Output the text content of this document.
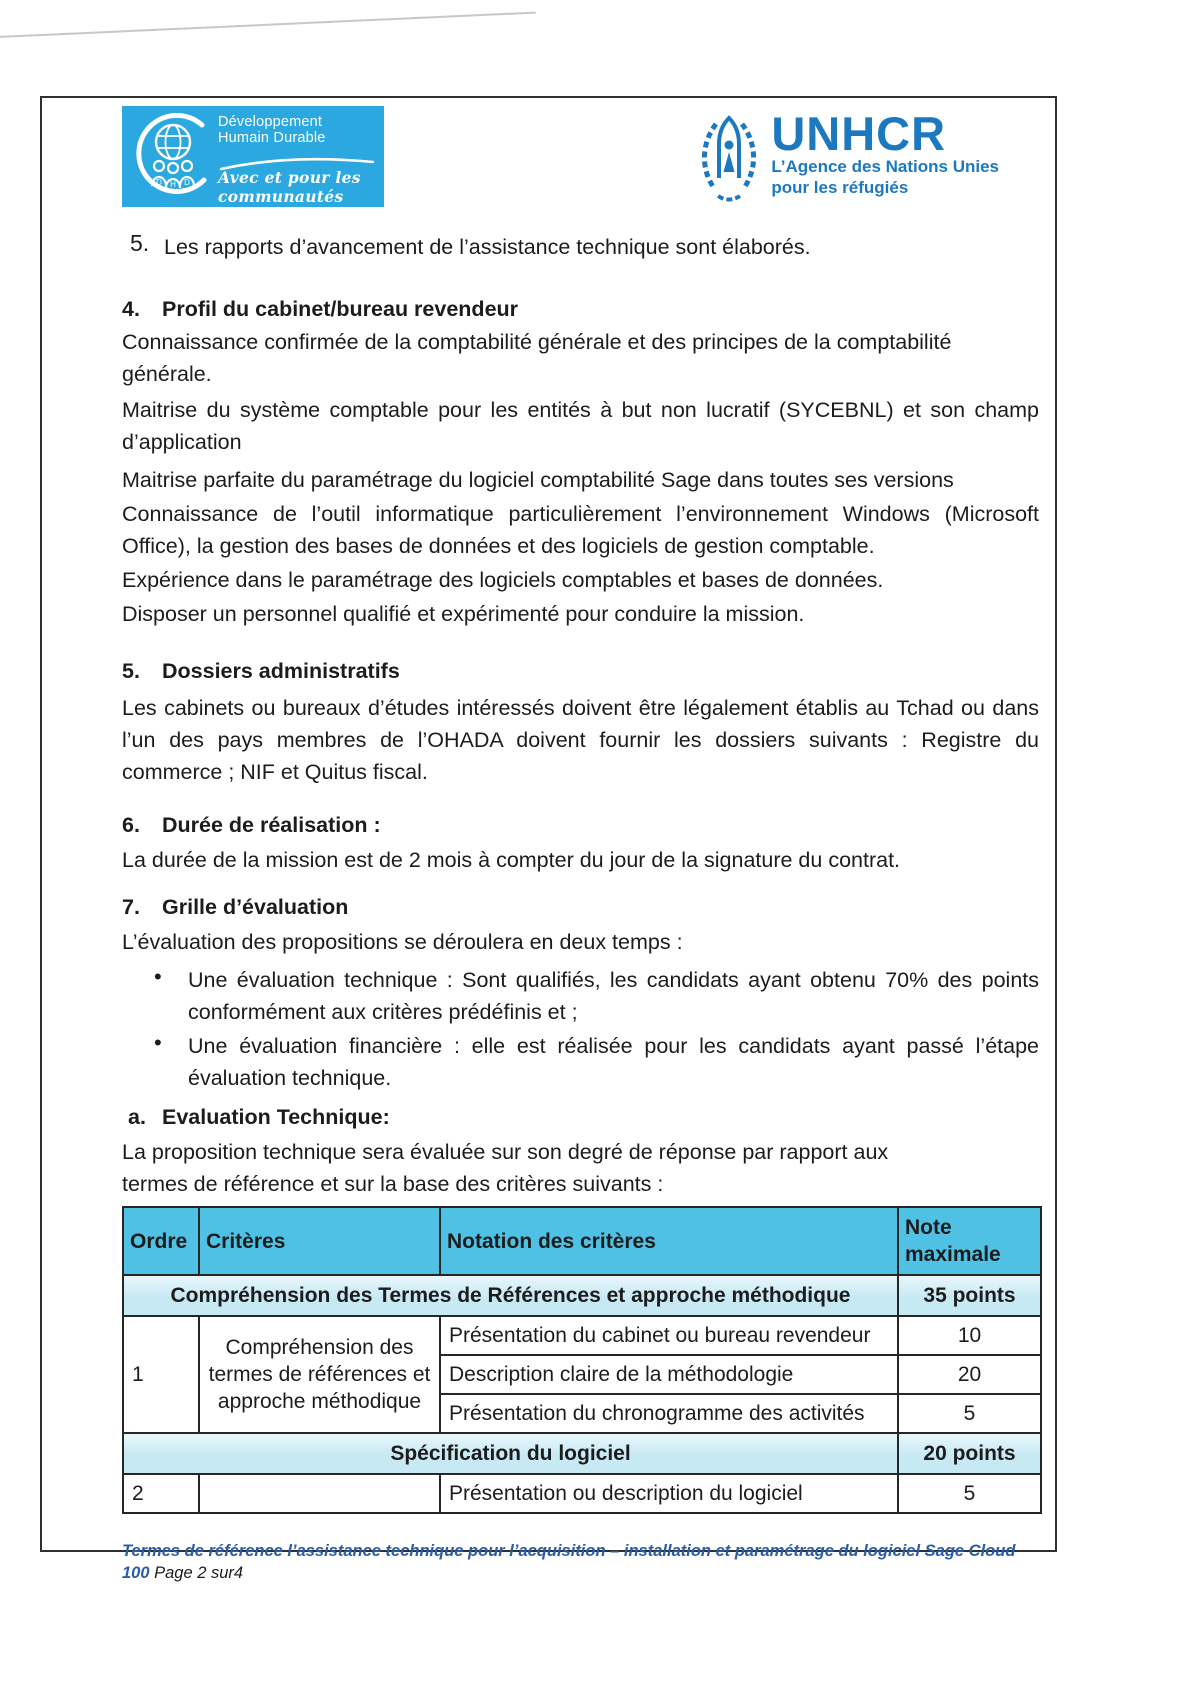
D H D
Développement Humain Durable
Avec et pour les communautés
UNHCR
L’Agence des Nations Unies
pour les réfugiés
5. Les rapports d’avancement de l’assistance technique sont élaborés.
4.	Profil du cabinet/bureau revendeur

Connaissance confirmée de la comptabilité générale et des principes de la comptabilité générale.

Maitrise du système comptable pour les entités à but non lucratif (SYCEBNL) et son champ d’application

Maitrise parfaite du paramétrage du logiciel comptabilité Sage dans toutes ses versions

Connaissance de l’outil informatique particulièrement l’environnement Windows (Microsoft Office), la gestion des bases de données et des logiciels de gestion comptable.

Expérience dans le paramétrage des logiciels comptables et bases de données.

Disposer un personnel qualifié et expérimenté pour conduire la mission.

5.	Dossiers administratifs

Les cabinets ou bureaux d’études intéressés doivent être légalement établis au Tchad ou dans l’un des pays membres de l’OHADA doivent fournir les dossiers suivants : Registre du commerce ; NIF et Quitus fiscal.

6.	Durée de réalisation :

La durée de la mission est de 2 mois à compter du jour de la signature du contrat.

7.	Grille d’évaluation

L’évaluation des propositions se déroulera en deux temps :

•
Une évaluation technique : Sont qualifiés, les candidats ayant obtenu 70% des points conformément aux critères prédéfinis et ;
•
Une évaluation financière : elle est réalisée pour les candidats ayant passé l’étape évaluation technique.
a. Evaluation Technique:

La proposition technique sera évaluée sur son degré de réponse par rapport aux termes de référence et sur la base des critères suivants :

Ordre	Critères	Notation des critères	Note maximale
Compréhension des Termes de Références et approche méthodique			35 points
1	Compréhension des termes de références et approche méthodique	Présentation du cabinet ou bureau revendeur	10
		Description claire de la méthodologie	20
		Présentation du chronogramme des activités	5
Spécification du logiciel			20 points
2		Présentation ou description du logiciel	5
Termes de référence l’assistance technique pour l’acquisition – installation et paramétrage du logiciel Sage Cloud 100 Page 2 sur4
